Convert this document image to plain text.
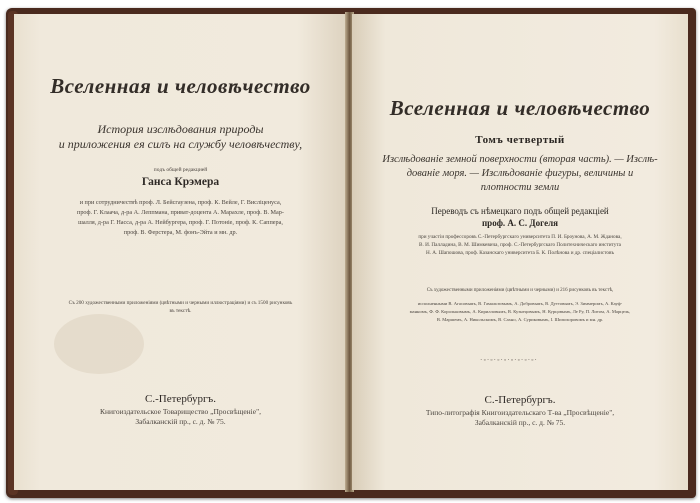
Вселенная и человѣчество
История изслѣдования природы
и приложения ея силъ на службу человѣчеству,
подъ общей редакцией
Ганса Крэмера
и при сотрудничествѣ проф. Л. Бейсгаузена, проф. К. Вейле, Г. Висліценуса,
проф. Г. Клаача, д-ра А. Леппмана, приват-доцента А. Марахле, проф. В. Мар-
шалля, д-ра Г. Насса, д-ра А. Нейбургера, проф. Г. Потоніе, проф. К. Саппера,
проф. В. Ферстера, М. фонъ-Эйта и мн. др.
Съ 200 художественными приложеніями (цвѣтными и черными иллюстраціями) и съ 1500 рисунковъ
въ текстѣ.
С.-Петербургъ.
Книгоиздательское Товарищество „Просвѣщеніе",
Забалканскій пр., с. д. № 75.
Вселенная и человѣчество
Томъ четвертый
Изслѣдованіе земной поверхности (вторая часть). — Изслѣ-
дованіе моря. — Изслѣдованіе фигуры, величины и
плотности земли
Переводъ съ нѣмецкаго подъ общей редакціей
проф. А. С. Догеля
при участіи профессоровъ С.-Петербургскаго университета П. И. Броунова, А. М. Жданова,
В. И. Палладина, В. М. Шимкевича, проф. С.-Петербургскаго Политехническаго института
Н. А. Шапошова, проф. Казанскаго университета Б. К. Полѣнова и др. спеціалистовъ
Съ художественными приложеніями (цвѣтными и черными) и 216 рисунковъ въ текстѣ,
исполненными В. Агасовымъ, В. Гамальтовымъ, А. Добровымъ, В. Дуттовымъ, Э. Зиммеромъ, А. Кауф-
манномъ, Ф. Ф. Корольковымъ, А. Кирилловымъ, В. Кузнецовымъ, Н. Курцовымъ, Ле Ру, П. Литом, А. Марцель,
В. Маршемъ, А. Никольскимъ, В. Сахно, А. Суриковымъ, І. Шипохоровомъ и мн. др.
·◦·◦·◦·◦·◦·◦·◦·◦·
С.-Петербургъ.
Типо-литографія Книгоиздательскаго Т-ва „Просвѣщеніе",
Забалканскій пр., с. д. № 75.
